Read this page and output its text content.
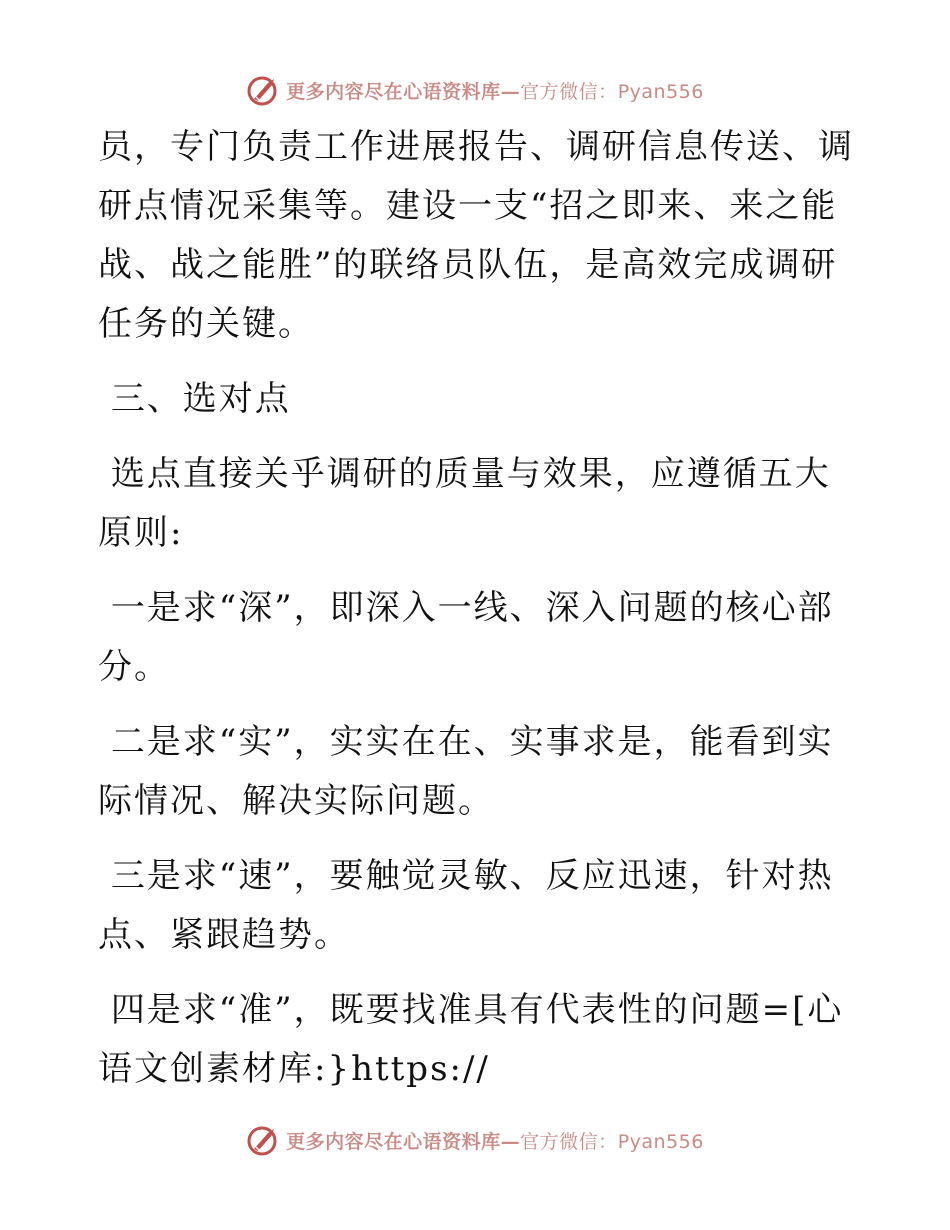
更多内容尽在心语资料库—官方微信：Pyan556

员，专门负责工作进展报告、调研信息传送、调研点情况采集等。建设一支“招之即来、来之能战、战之能胜”的联络员队伍，是高效完成调研任务的关键。

三、选对点

选点直接关乎调研的质量与效果，应遵循五大原则:

一是求“深”，即深入一线、深入问题的核心部分。

二是求“实”，实实在在、实事求是，能看到实际情况、解决实际问题。

三是求“速”，要触觉灵敏、反应迅速，针对热点、紧跟趋势。

四是求“准”，既要找准具有代表性的问题=[心语文创素材库:}https://

更多内容尽在心语资料库—官方微信：Pyan556
